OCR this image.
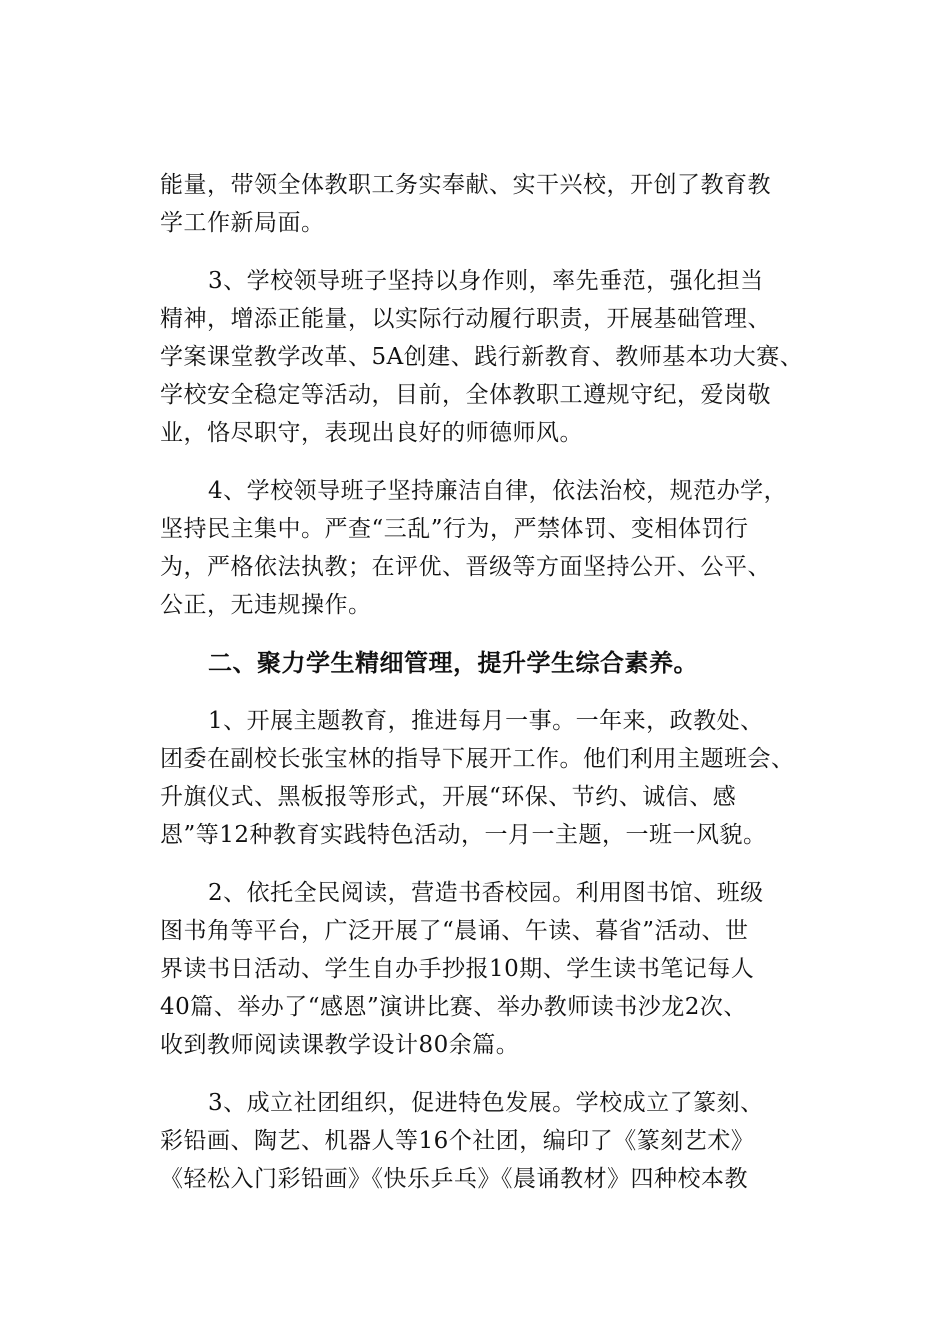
能量，带领全体教职工务实奉献、实干兴校，开创了教育教
学工作新局面。
3、学校领导班子坚持以身作则，率先垂范，强化担当
精神，增添正能量，以实际行动履行职责，开展基础管理、
学案课堂教学改革、5A创建、践行新教育、教师基本功大赛、
学校安全稳定等活动，目前，全体教职工遵规守纪，爱岗敬
业，恪尽职守，表现出良好的师德师风。
4、学校领导班子坚持廉洁自律，依法治校，规范办学，
坚持民主集中。严查“三乱”行为，严禁体罚、变相体罚行
为，严格依法执教；在评优、晋级等方面坚持公开、公平、
公正，无违规操作。
二、聚力学生精细管理，提升学生综合素养。
1、开展主题教育，推进每月一事。一年来，政教处、
团委在副校长张宝林的指导下展开工作。他们利用主题班会、
升旗仪式、黑板报等形式，开展“环保、节约、诚信、感
恩”等12种教育实践特色活动，一月一主题，一班一风貌。
2、依托全民阅读，营造书香校园。利用图书馆、班级
图书角等平台，广泛开展了“晨诵、午读、暮省”活动、世
界读书日活动、学生自办手抄报10期、学生读书笔记每人
40篇、举办了“感恩”演讲比赛、举办教师读书沙龙2次、
收到教师阅读课教学设计80余篇。
3、成立社团组织，促进特色发展。学校成立了篆刻、
彩铅画、陶艺、机器人等16个社团，编印了《篆刻艺术》
《轻松入门彩铅画》《快乐乒乓》《晨诵教材》四种校本教
